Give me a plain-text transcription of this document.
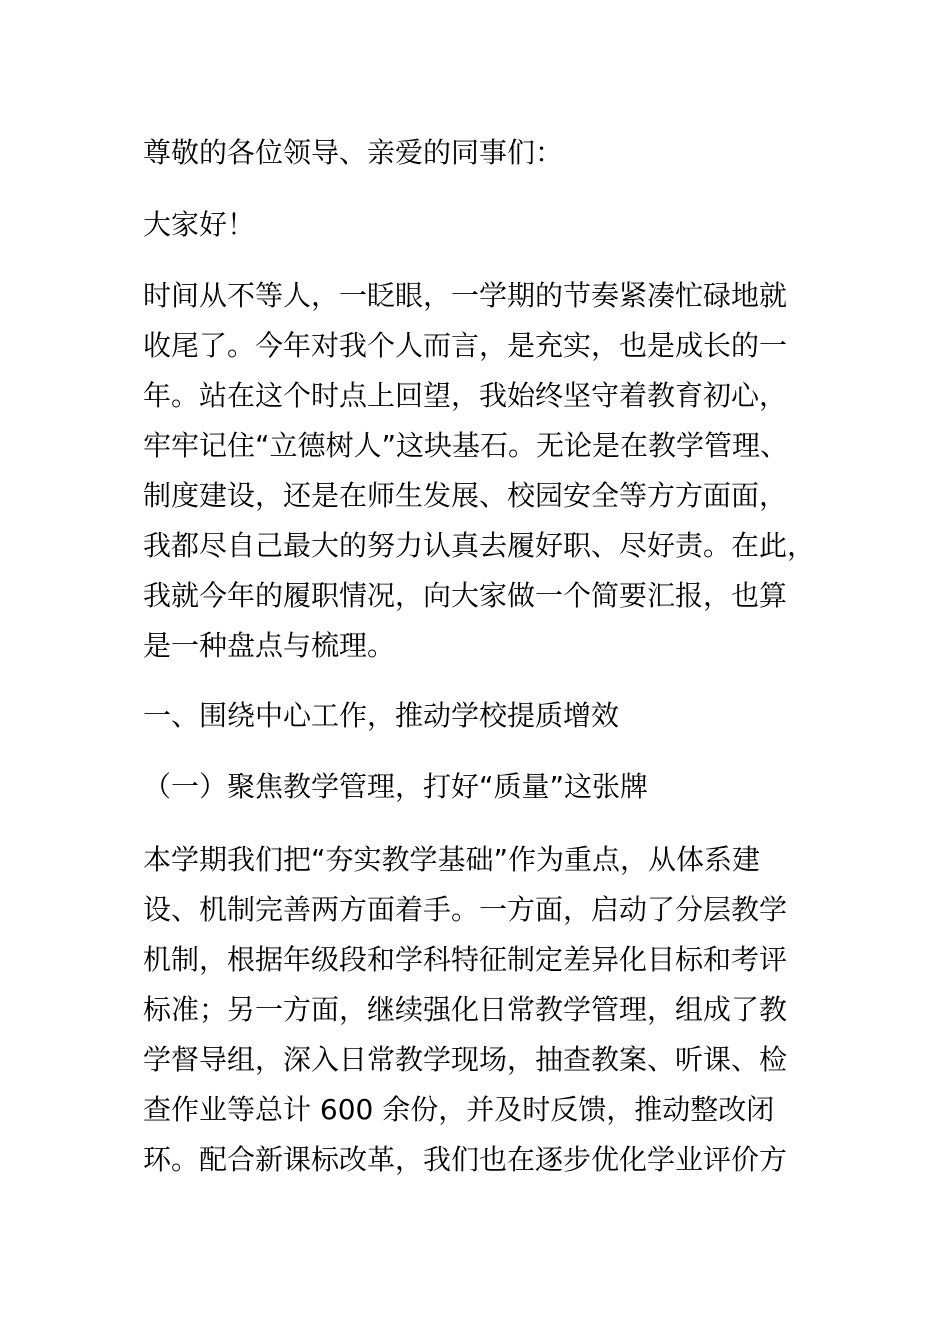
尊敬的各位领导、亲爱的同事们：

大家好！

时间从不等人，一眨眼，一学期的节奏紧凑忙碌地就
收尾了。今年对我个人而言，是充实，也是成长的一
年。站在这个时点上回望，我始终坚守着教育初心，
牢牢记住“立德树人”这块基石。无论是在教学管理、
制度建设，还是在师生发展、校园安全等方方面面，
我都尽自己最大的努力认真去履好职、尽好责。在此，
我就今年的履职情况，向大家做一个简要汇报，也算
是一种盘点与梳理。

一、围绕中心工作，推动学校提质增效

（一）聚焦教学管理，打好“质量”这张牌

本学期我们把“夯实教学基础”作为重点，从体系建
设、机制完善两方面着手。一方面，启动了分层教学
机制，根据年级段和学科特征制定差异化目标和考评
标准；另一方面，继续强化日常教学管理，组成了教
学督导组，深入日常教学现场，抽查教案、听课、检
查作业等总计 600 余份，并及时反馈，推动整改闭
环。配合新课标改革，我们也在逐步优化学业评价方
